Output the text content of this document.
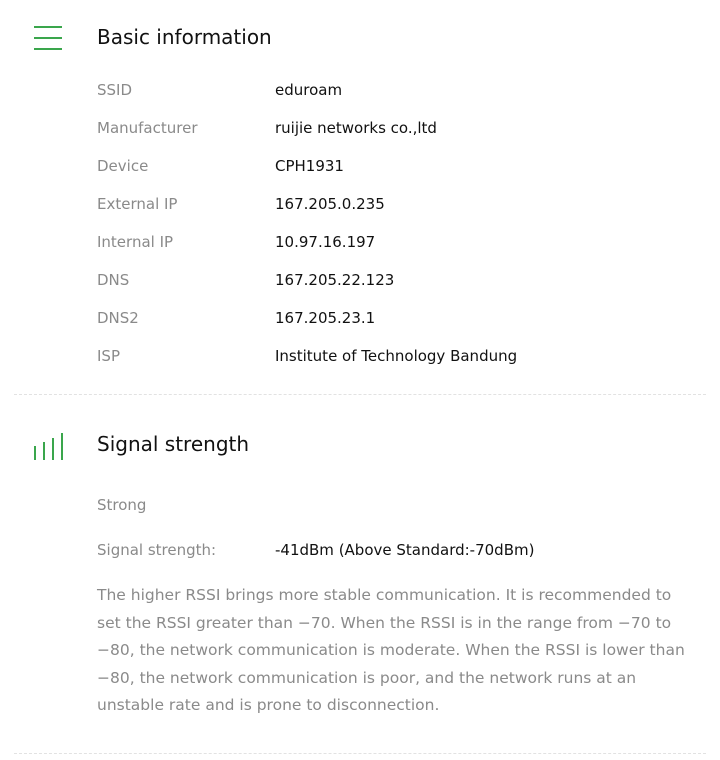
Basic information
SSID	eduroam
Manufacturer	ruijie networks co.,ltd
Device	CPH1931
External IP	167.205.0.235
Internal IP	10.97.16.197
DNS	167.205.22.123
DNS2	167.205.23.1
ISP	Institute of Technology Bandung
Signal strength
Strong
Signal strength:	-41dBm (Above Standard:-70dBm)

The higher RSSI brings more stable communication. It is recommended to set the RSSI greater than −70. When the RSSI is in the range from −70 to −80, the network communication is moderate. When the RSSI is lower than −80, the network communication is poor, and the network runs at an unstable rate and is prone to disconnection.
